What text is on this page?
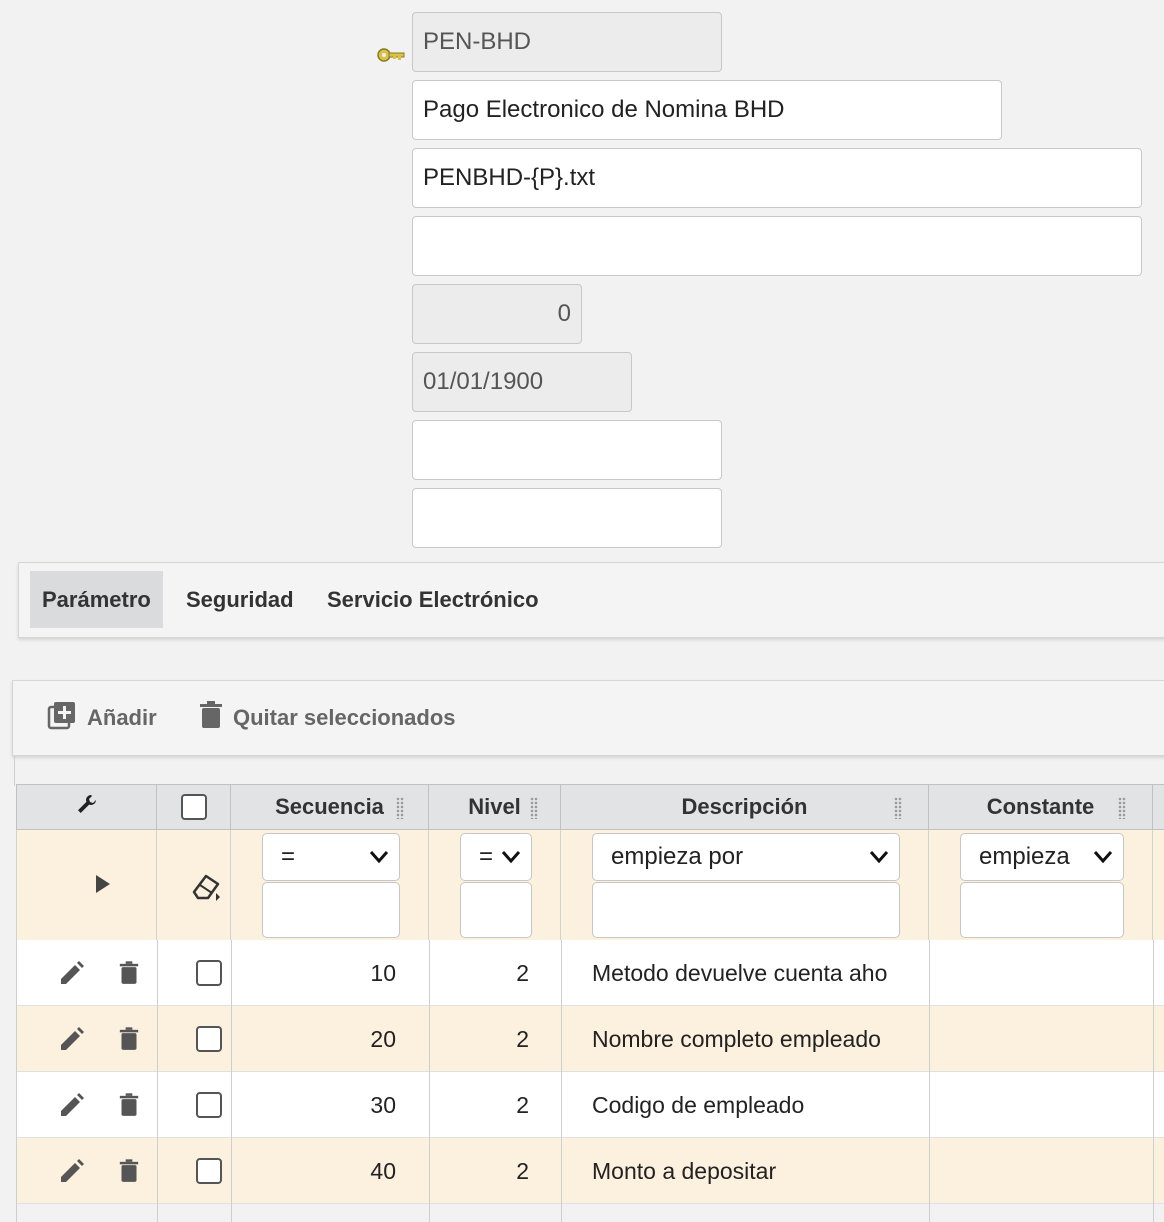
PEN-BHD
Pago Electronico de Nomina BHD
PENBHD-{P}.txt
0
01/01/1900
Parámetro	Seguridad	Servicio Electrónico
Añadir	Quitar seleccionados
Secuencia	Nivel	Descripción	Constante
=	=	empieza por	empieza
10	2	Metodo devuelve cuenta aho
20	2	Nombre completo empleado
30	2	Codigo de empleado
40	2	Monto a depositar
